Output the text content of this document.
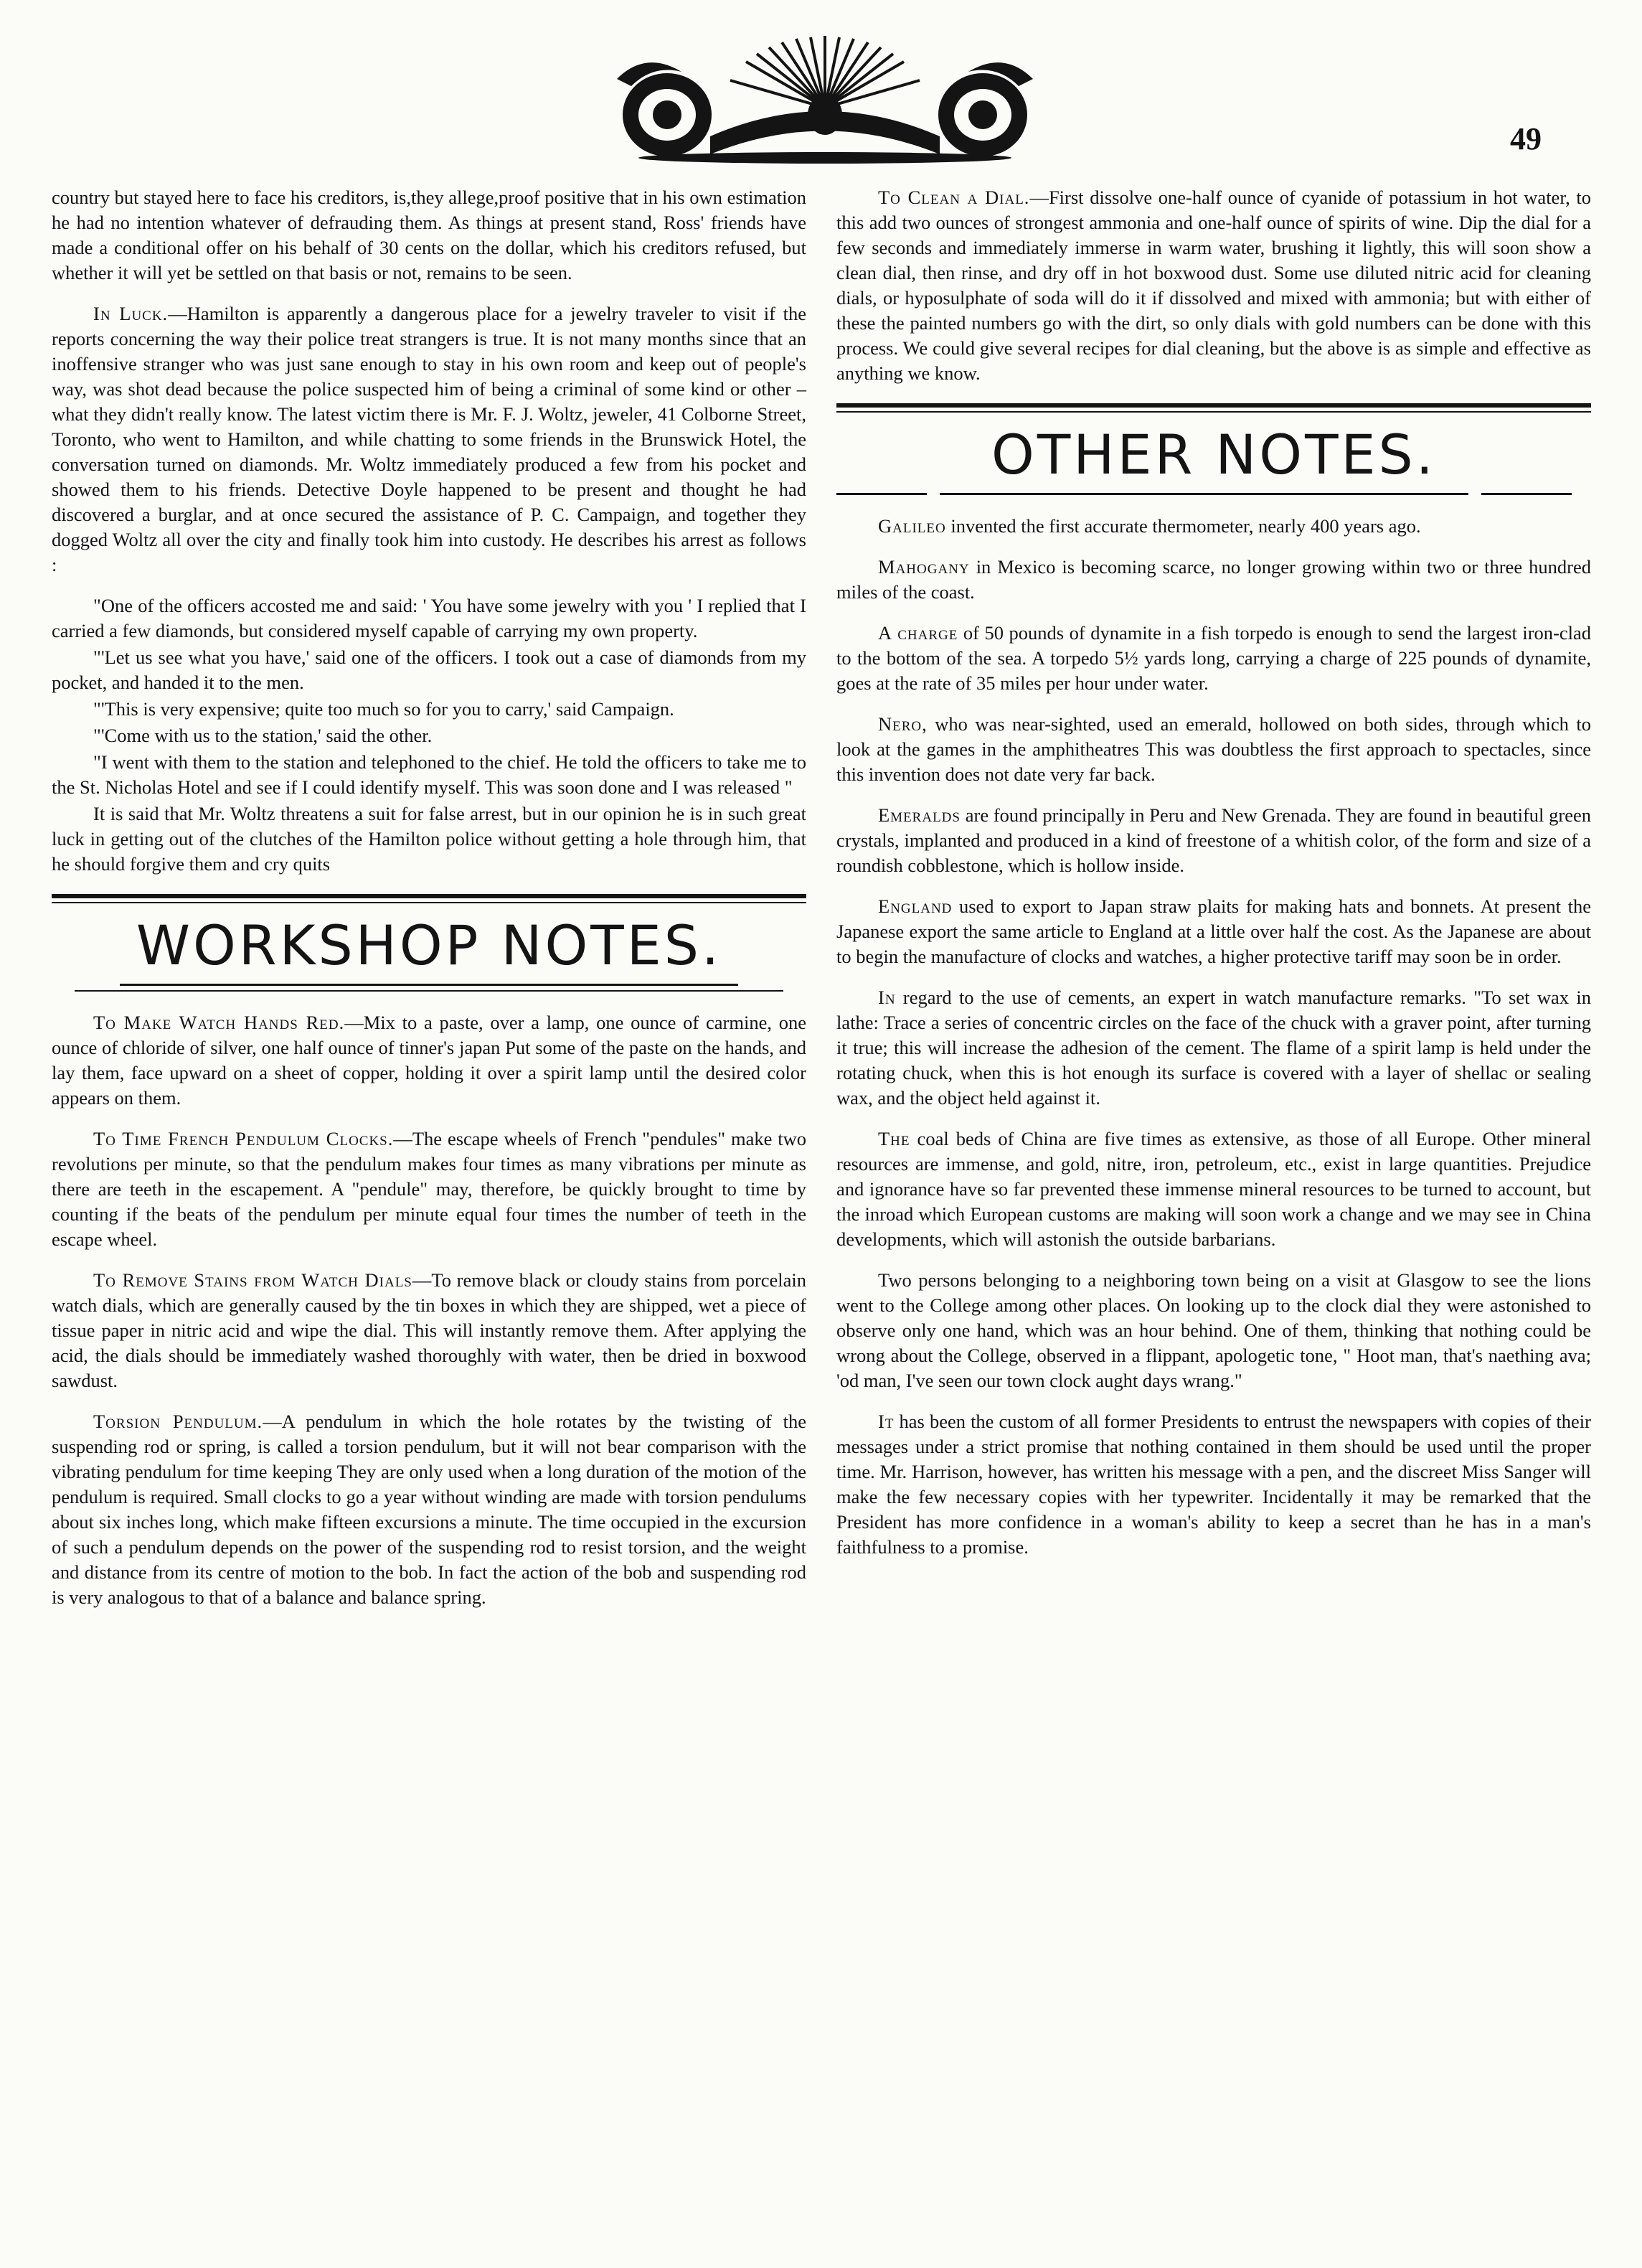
49

country but stayed here to face his creditors, is,they allege,proof positive that in his own estimation he had no intention whatever of defrauding them. As things at present stand, Ross' friends have made a conditional offer on his behalf of 30 cents on the dollar, which his creditors refused, but whether it will yet be settled on that basis or not, remains to be seen.

In Luck.—Hamilton is apparently a dangerous place for a jewelry traveler to visit if the reports concerning the way their police treat strangers is true. It is not many months since that an inoffensive stranger who was just sane enough to stay in his own room and keep out of people's way, was shot dead because the police suspected him of being a criminal of some kind or other – what they didn't really know. The latest victim there is Mr. F. J. Woltz, jeweler, 41 Colborne Street, Toronto, who went to Hamilton, and while chatting to some friends in the Brunswick Hotel, the conversation turned on diamonds. Mr. Woltz immediately produced a few from his pocket and showed them to his friends. Detective Doyle happened to be present and thought he had discovered a burglar, and at once secured the assistance of P. C. Campaign, and together they dogged Woltz all over the city and finally took him into custody. He describes his arrest as follows :

"One of the officers accosted me and said: ' You have some jewelry with you ' I replied that I carried a few diamonds, but considered myself capable of carrying my own property.

"'Let us see what you have,' said one of the officers. I took out a case of diamonds from my pocket, and handed it to the men.

"'This is very expensive; quite too much so for you to carry,' said Campaign.

"'Come with us to the station,' said the other.

"I went with them to the station and telephoned to the chief. He told the officers to take me to the St. Nicholas Hotel and see if I could identify myself. This was soon done and I was released "

It is said that Mr. Woltz threatens a suit for false arrest, but in our opinion he is in such great luck in getting out of the clutches of the Hamilton police without getting a hole through him, that he should forgive them and cry quits

WORKSHOP NOTES.

To Make Watch Hands Red.—Mix to a paste, over a lamp, one ounce of carmine, one ounce of chloride of silver, one half ounce of tinner's japan Put some of the paste on the hands, and lay them, face upward on a sheet of copper, holding it over a spirit lamp until the desired color appears on them.

To Time French Pendulum Clocks.—The escape wheels of French "pendules" make two revolutions per minute, so that the pendulum makes four times as many vibrations per minute as there are teeth in the escapement. A "pendule" may, therefore, be quickly brought to time by counting if the beats of the pendulum per minute equal four times the number of teeth in the escape wheel.

To Remove Stains from Watch Dials—To remove black or cloudy stains from porcelain watch dials, which are generally caused by the tin boxes in which they are shipped, wet a piece of tissue paper in nitric acid and wipe the dial. This will instantly remove them. After applying the acid, the dials should be immediately washed thoroughly with water, then be dried in boxwood sawdust.

Torsion Pendulum.—A pendulum in which the hole rotates by the twisting of the suspending rod or spring, is called a torsion pendulum, but it will not bear comparison with the vibrating pendulum for time keeping They are only used when a long duration of the motion of the pendulum is required. Small clocks to go a year without winding are made with torsion pendulums about six inches long, which make fifteen excursions a minute. The time occupied in the excursion of such a pendulum depends on the power of the suspending rod to resist torsion, and the weight and distance from its centre of motion to the bob. In fact the action of the bob and suspending rod is very analogous to that of a balance and balance spring.

To Clean a Dial.—First dissolve one-half ounce of cyanide of potassium in hot water, to this add two ounces of strongest ammonia and one-half ounce of spirits of wine. Dip the dial for a few seconds and immediately immerse in warm water, brushing it lightly, this will soon show a clean dial, then rinse, and dry off in hot boxwood dust. Some use diluted nitric acid for cleaning dials, or hyposulphate of soda will do it if dissolved and mixed with ammonia; but with either of these the painted numbers go with the dirt, so only dials with gold numbers can be done with this process. We could give several recipes for dial cleaning, but the above is as simple and effective as anything we know.

OTHER NOTES.

Galileo invented the first accurate thermometer, nearly 400 years ago.

Mahogany in Mexico is becoming scarce, no longer growing within two or three hundred miles of the coast.

A charge of 50 pounds of dynamite in a fish torpedo is enough to send the largest iron-clad to the bottom of the sea. A torpedo 5½ yards long, carrying a charge of 225 pounds of dynamite, goes at the rate of 35 miles per hour under water.

Nero, who was near-sighted, used an emerald, hollowed on both sides, through which to look at the games in the amphitheatres This was doubtless the first approach to spectacles, since this invention does not date very far back.

Emeralds are found principally in Peru and New Grenada. They are found in beautiful green crystals, implanted and produced in a kind of freestone of a whitish color, of the form and size of a roundish cobblestone, which is hollow inside.

England used to export to Japan straw plaits for making hats and bonnets. At present the Japanese export the same article to England at a little over half the cost. As the Japanese are about to begin the manufacture of clocks and watches, a higher protective tariff may soon be in order.

In regard to the use of cements, an expert in watch manufacture remarks. "To set wax in lathe: Trace a series of concentric circles on the face of the chuck with a graver point, after turning it true; this will increase the adhesion of the cement. The flame of a spirit lamp is held under the rotating chuck, when this is hot enough its surface is covered with a layer of shellac or sealing wax, and the object held against it.

The coal beds of China are five times as extensive, as those of all Europe. Other mineral resources are immense, and gold, nitre, iron, petroleum, etc., exist in large quantities. Prejudice and ignorance have so far prevented these immense mineral resources to be turned to account, but the inroad which European customs are making will soon work a change and we may see in China developments, which will astonish the outside barbarians.

Two persons belonging to a neighboring town being on a visit at Glasgow to see the lions went to the College among other places. On looking up to the clock dial they were astonished to observe only one hand, which was an hour behind. One of them, thinking that nothing could be wrong about the College, observed in a flippant, apologetic tone, " Hoot man, that's naething ava; 'od man, I've seen our town clock aught days wrang."

It has been the custom of all former Presidents to entrust the newspapers with copies of their messages under a strict promise that nothing contained in them should be used until the proper time. Mr. Harrison, however, has written his message with a pen, and the discreet Miss Sanger will make the few necessary copies with her typewriter. Incidentally it may be remarked that the President has more confidence in a woman's ability to keep a secret than he has in a man's faithfulness to a promise.
